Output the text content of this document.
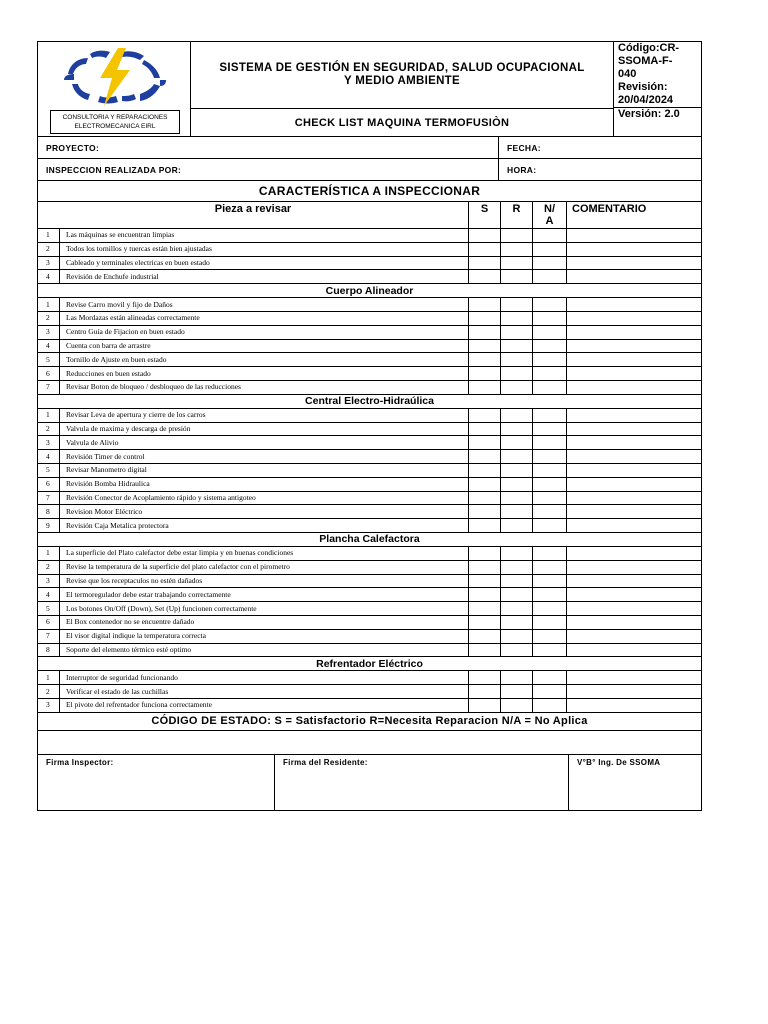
CONSULTORIA Y REPARACIONES ELECTROMECANICA EIRL

SISTEMA DE GESTIÓN EN SEGURIDAD, SALUD OCUPACIONAL
Y MEDIO AMBIENTE

Código:CR-
SSOMA-F-
040
Revisión:
20/04/2024
Versión: 2.0

CHECK LIST MAQUINA TERMOFUSIÒN
PROYECTO:	FECHA:
INSPECCION REALIZADA POR:	HORA:
CARACTERÍSTICA A INSPECCIONAR					
Pieza a revisar		S	R	N/
A	COMENTARIO
1	Las máquinas se encuentran limpias				
2	Todos los tornillos y tuercas están bien ajustadas				
3	Cableado y terminales electricas en buen estado				
4	Revisión de Enchufe industrial				
Cuerpo Alineador					
1	Revise Carro movil y fijo de Daños				
2	Las Mordazas están alineadas correctamente				
3	Centro Guía de Fijacion en buen estado				
4	Cuenta con barra de arrastre				
5	Tornillo de Ajuste en buen estado				
6	Reducciones en buen estado				
7	Revisar Boton de bloqueo / desbloqueo de las reducciones				
Central Electro-Hidraúlica					
1	Revisar Leva de apertura y cierre de los carros				
2	Valvula de maxima y descarga de presión				
3	Valvula de Alivio				
4	Revisión Timer de control				
5	Revisar Manometro digital				
6	Revisión Bomba Hidraulica				
7	Revisión Conector de Acoplamiento rápido y sistema antigoteo				
8	Revision Motor Eléctrico				
9	Revisión Caja Metalica protectora				
Plancha Calefactora					
1	La superficie del Plato calefactor debe estar limpia y en buenas condiciones				
2	Revise la temperatura de la superficie del plato calefactor con el pirometro				
3	Revise que los receptaculos no estén dañados				
4	El termoregulador debe estar trabajando correctamente				
5	Los botones On/Off (Down), Set (Up) funcionen correctamente				
6	El Box contenedor no se encuentre dañado				
7	El visor digital indique la temperatura correcta				
8	Soporte del elemento térmico esté optimo				
Refrentador Eléctrico					
1	Interruptor de seguridad funcionando				
2	Verificar el estado de las cuchillas				
3	El pivote del refrentador funciona correctamente				
CÓDIGO DE ESTADO: S = Satisfactorio R=Necesita Reparacion N/A = No Aplica

Firma Inspector:	Firma del Residente:	V°B° Ing. De SSOMA
